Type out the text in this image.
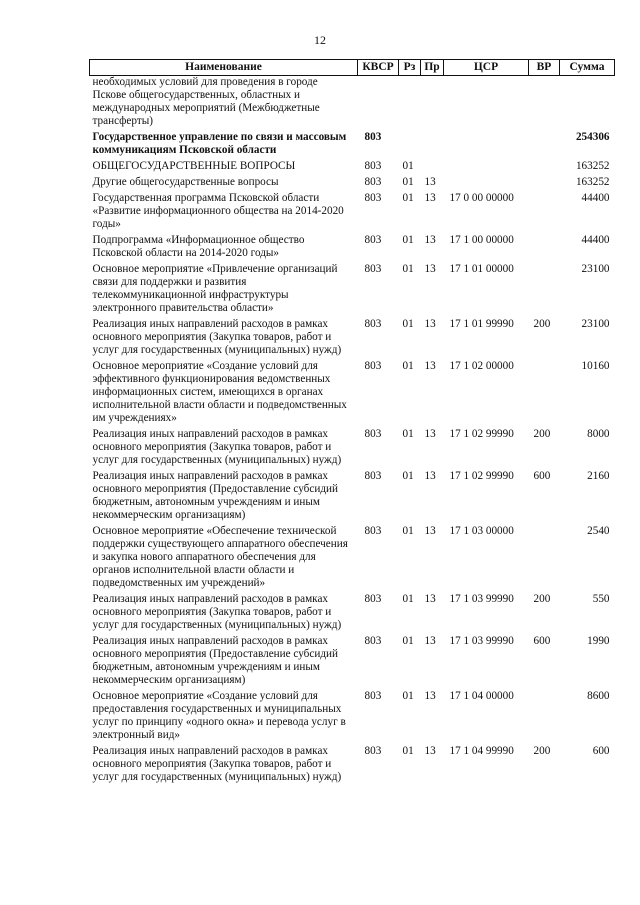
12
Наименование	КВСР	Рз	Пр	ЦСР	ВР	Сумма
необходимых условий для проведения в городе Пскове общегосударственных, областных и международных мероприятий (Межбюджетные трансферты)						
Государственное управление по связи и массовым коммуникациям Псковской области	803					254306
ОБЩЕГОСУДАРСТВЕННЫЕ ВОПРОСЫ	803	01				163252
Другие общегосударственные вопросы	803	01	13			163252
Государственная программа Псковской области «Развитие информационного общества на 2014-2020 годы»	803	01	13	17 0 00 00000		44400
Подпрограмма «Информационное общество Псковской области на 2014-2020 годы»	803	01	13	17 1 00 00000		44400
Основное мероприятие «Привлечение организаций связи для поддержки и развития телекоммуникационной инфраструктуры электронного правительства области»	803	01	13	17 1 01 00000		23100
Реализация иных направлений расходов в рамках основного мероприятия (Закупка товаров, работ и услуг для государственных (муниципальных) нужд)	803	01	13	17 1 01 99990	200	23100
Основное мероприятие «Создание условий для эффективного функционирования ведомственных информационных систем, имеющихся в органах исполнительной власти области и подведомственных им учреждениях»	803	01	13	17 1 02 00000		10160
Реализация иных направлений расходов в рамках основного мероприятия (Закупка товаров, работ и услуг для государственных (муниципальных) нужд)	803	01	13	17 1 02 99990	200	8000
Реализация иных направлений расходов в рамках основного мероприятия (Предоставление субсидий бюджетным, автономным учреждениям и иным некоммерческим организациям)	803	01	13	17 1 02 99990	600	2160
Основное мероприятие «Обеспечение технической поддержки существующего аппаратного обеспечения и закупка нового аппаратного обеспечения для органов исполнительной власти области и подведомственных им учреждений»	803	01	13	17 1 03 00000		2540
Реализация иных направлений расходов в рамках основного мероприятия (Закупка товаров, работ и услуг для государственных (муниципальных) нужд)	803	01	13	17 1 03 99990	200	550
Реализация иных направлений расходов в рамках основного мероприятия (Предоставление субсидий бюджетным, автономным учреждениям и иным некоммерческим организациям)	803	01	13	17 1 03 99990	600	1990
Основное мероприятие «Создание условий для предоставления государственных и муниципальных услуг по принципу «одного окна» и перевода услуг в электронный вид»	803	01	13	17 1 04 00000		8600
Реализация иных направлений расходов в рамках основного мероприятия (Закупка товаров, работ и услуг для государственных (муниципальных) нужд)	803	01	13	17 1 04 99990	200	600
